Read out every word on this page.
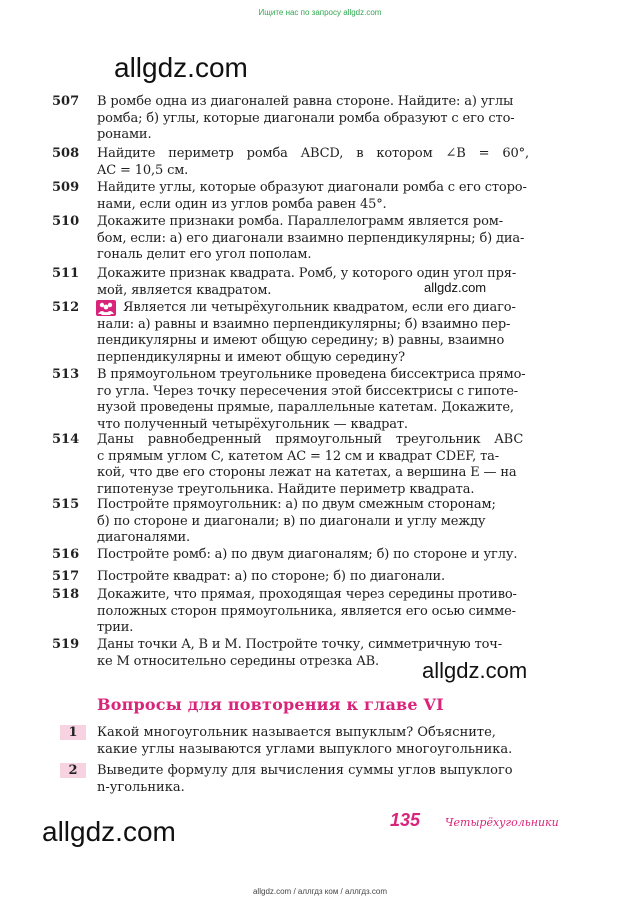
Ищите нас по запросу allgdz.com
allgdz.com
allgdz.com
allgdz.com
allgdz.com
507	В ромбе одна из диагоналей равна стороне. Найдите: а) углы

ромба; б) углы, которые диагонали ромба образуют с его сто-

ронами.

508	Найдите периметр ромба ABCD, в котором ∠B = 60°,

AC = 10,5 см.

509	Найдите углы, которые образуют диагонали ромба с его сторо-

нами, если один из углов ромба равен 45°.

510	Докажите признаки ромба. Параллелограмм является ром-

бом, если: а) его диагонали взаимно перпендикулярны; б) диа-

гональ делит его угол пополам.

511	Докажите признак квадрата. Ромб, у которого один угол пря-

мой, является квадратом.

512	Является ли четырёхугольник квадратом, если его диаго-

нали: а) равны и взаимно перпендикулярны; б) взаимно пер-

пендикулярны и имеют общую середину; в) равны, взаимно

перпендикулярны и имеют общую середину?

513	В прямоугольном треугольнике проведена биссектриса прямо-

го угла. Через точку пересечения этой биссектрисы с гипоте-

нузой проведены прямые, параллельные катетам. Докажите,

что полученный четырёхугольник — квадрат.

514	Даны равнобедренный прямоугольный треугольник ABC

с прямым углом C, катетом AC = 12 см и квадрат CDEF, та-

кой, что две его стороны лежат на катетах, а вершина E — на

гипотенузе треугольника. Найдите периметр квадрата.

515	Постройте прямоугольник: а) по двум смежным сторонам;

б) по стороне и диагонали; в) по диагонали и углу между

диагоналями.

516	Постройте ромб: а) по двум диагоналям; б) по стороне и углу.

517	Постройте квадрат: а) по стороне; б) по диагонали.

518	Докажите, что прямая, проходящая через середины противо-

положных сторон прямоугольника, является его осью симме-

трии.

519	Даны точки A, B и M. Постройте точку, симметричную точ-

ке M относительно середины отрезка AB.

Вопросы для повторения к главе VI
1	Какой многоугольник называется выпуклым? Объясните,

какие углы называются углами выпуклого многоугольника.

2	Выведите формулу для вычисления суммы углов выпуклого

n-угольника.

135 Четырёхугольники
allgdz.com / аллгдз ком / аллгдз.com
